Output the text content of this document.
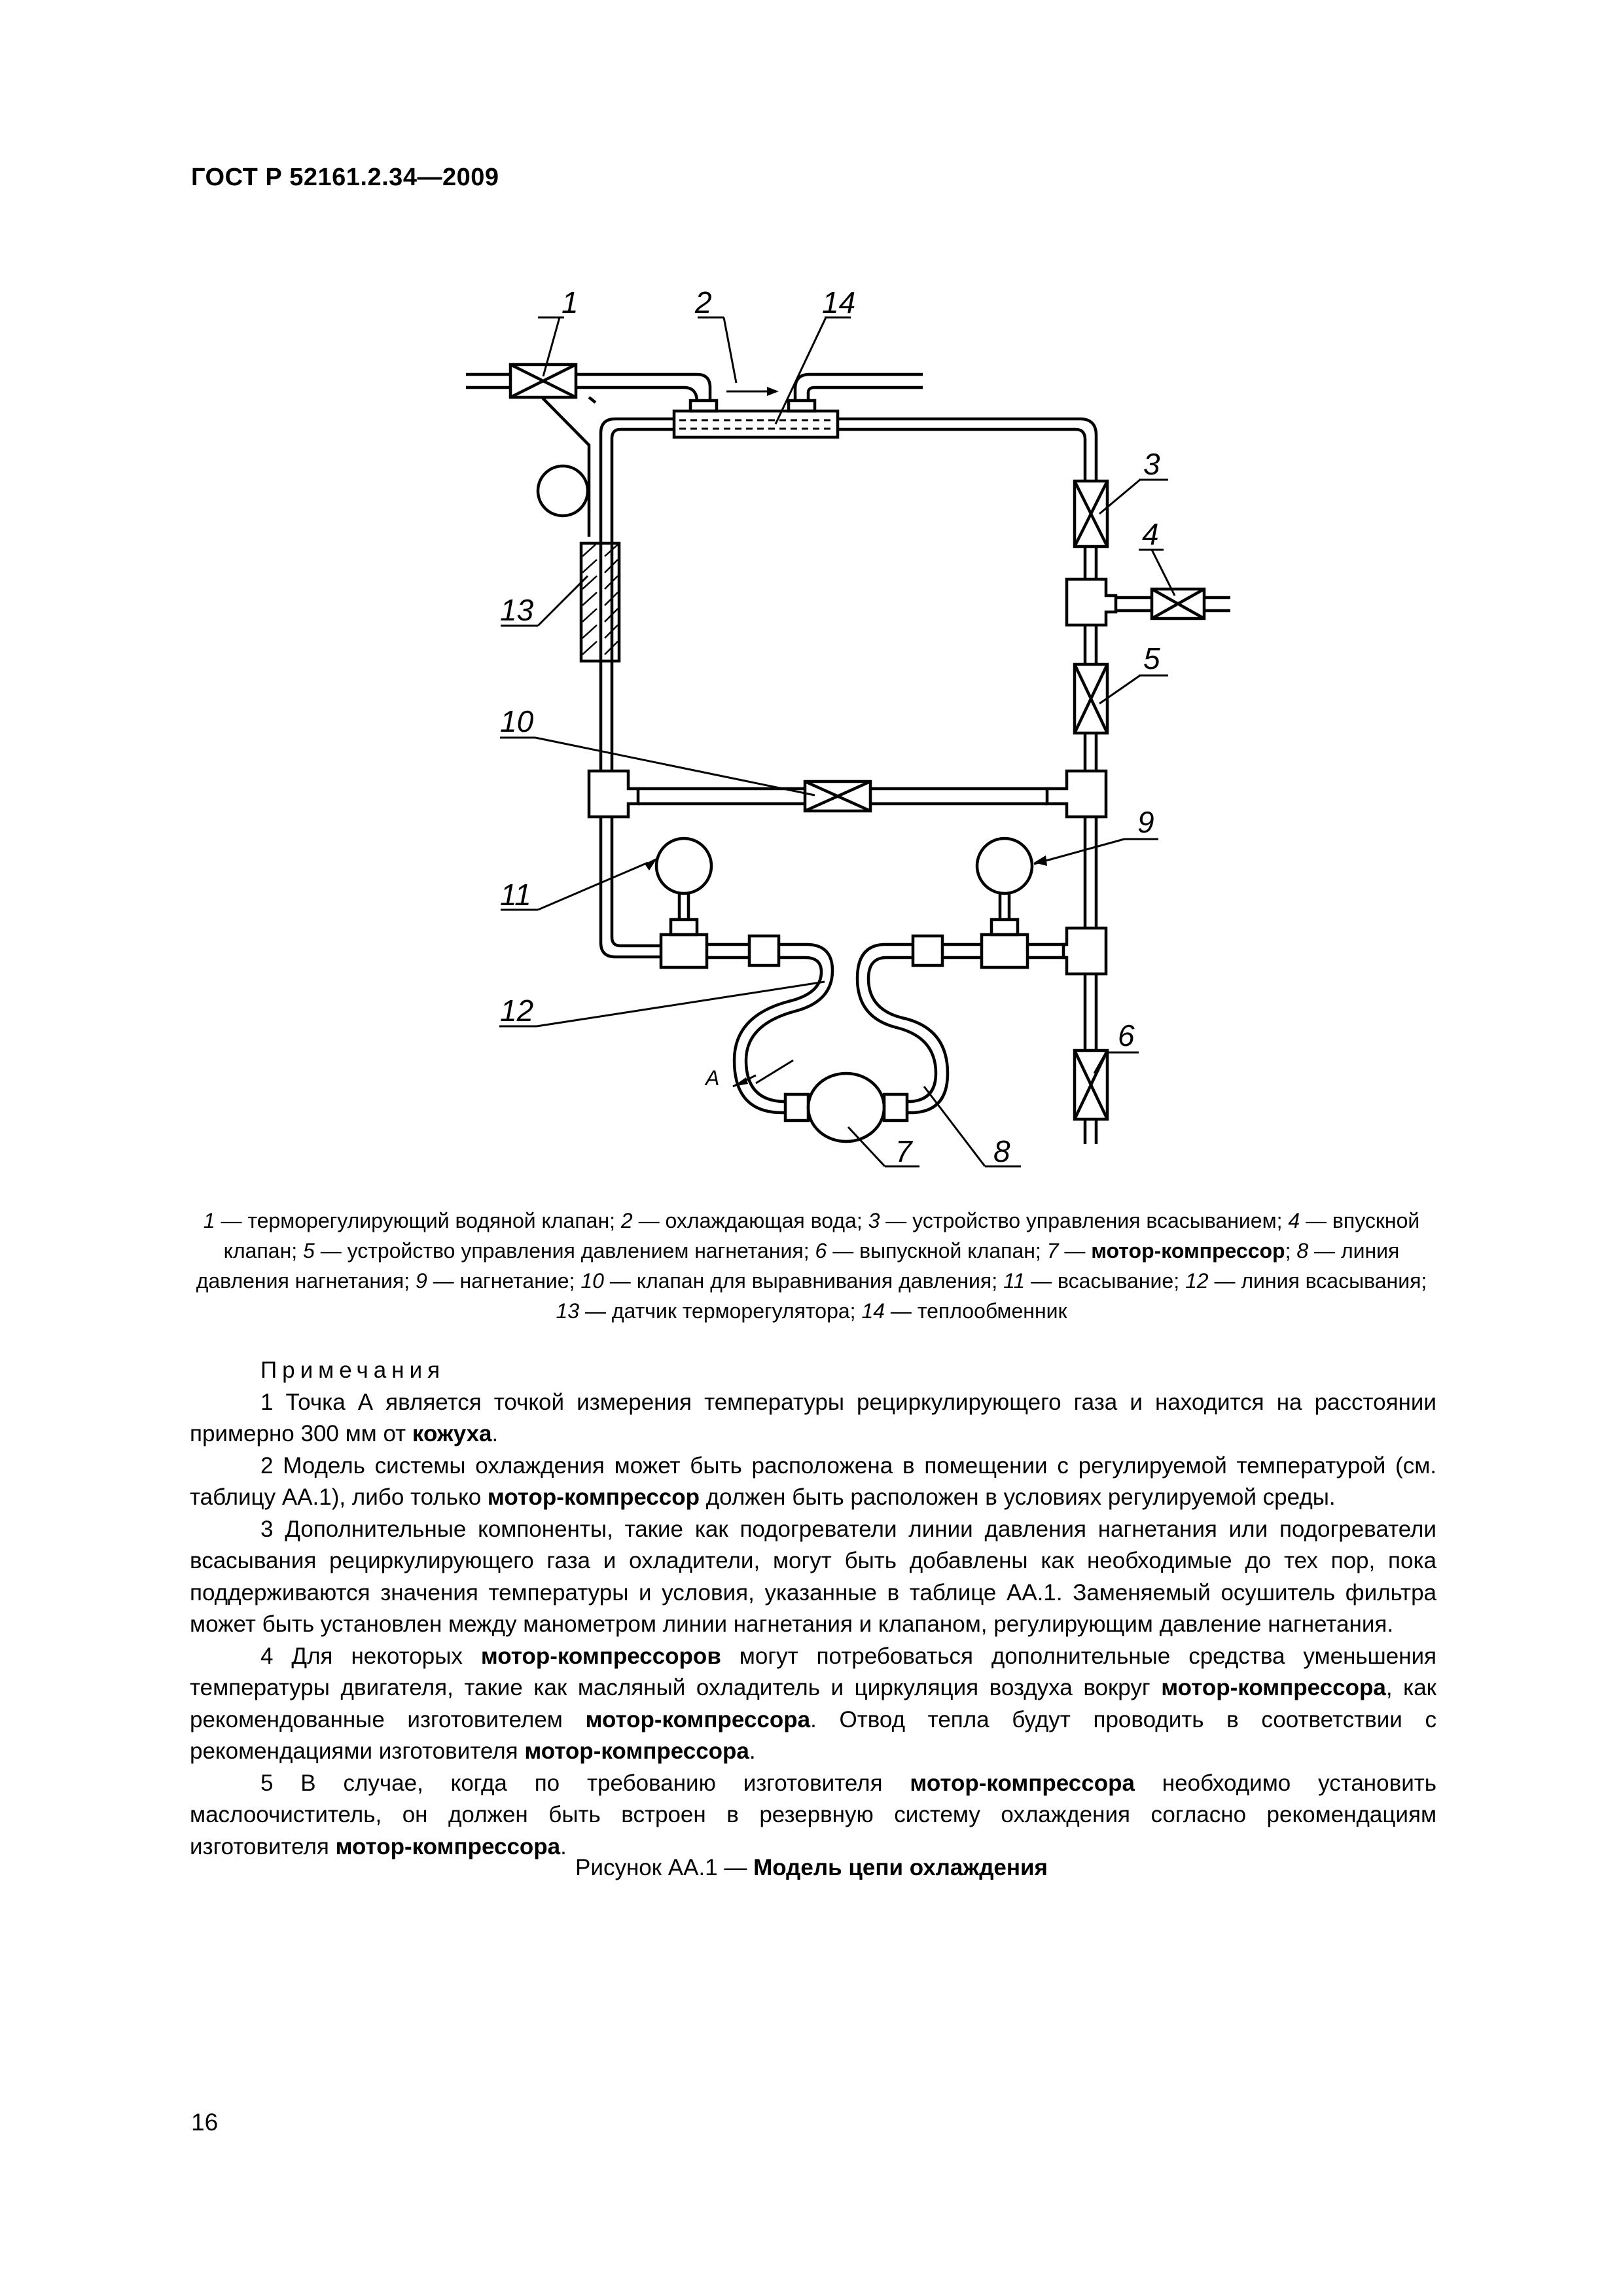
ГОСТ Р 52161.2.34—2009
1	2	14
3
4
5
13
10
9
11
12
6
7	8
A
1 — терморегулирующий водяной клапан; 2 — охлаждающая вода; 3 — устройство управления всасыванием; 4 — впускной клапан; 5 — устройство управления давлением нагнетания; 6 — выпускной клапан; 7 — мотор-компрессор; 8 — линия давления нагнетания; 9 — нагнетание; 10 — клапан для выравнивания давления; 11 — всасывание; 12 — линия всасывания; 13 — датчик терморегулятора; 14 — теплообменник

Примечания

1 Точка А является точкой измерения температуры рециркулирующего газа и находится на расстоянии примерно 300 мм от кожуха.

2 Модель системы охлаждения может быть расположена в помещении с регулируемой температурой (см. таблицу АА.1), либо только мотор-компрессор должен быть расположен в условиях регулируемой среды.

3 Дополнительные компоненты, такие как подогреватели линии давления нагнетания или подогреватели всасывания рециркулирующего газа и охладители, могут быть добавлены как необходимые до тех пор, пока поддерживаются значения температуры и условия, указанные в таблице АА.1. Заменяемый осушитель фильтра может быть установлен между манометром линии нагнетания и клапаном, регулирующим давление нагнетания.

4 Для некоторых мотор-компрессоров могут потребоваться дополнительные средства уменьшения температуры двигателя, такие как масляный охладитель и циркуляция воздуха вокруг мотор-компрессора, как рекомендованные изготовителем мотор-компрессора. Отвод тепла будут проводить в соответствии с рекомендациями изготовителя мотор-компрессора.

5 В случае, когда по требованию изготовителя мотор-компрессора необходимо установить маслоочиститель, он должен быть встроен в резервную систему охлаждения согласно рекомендациям изготовителя мотор-компрессора.

Рисунок АА.1 — Модель цепи охлаждения
16
